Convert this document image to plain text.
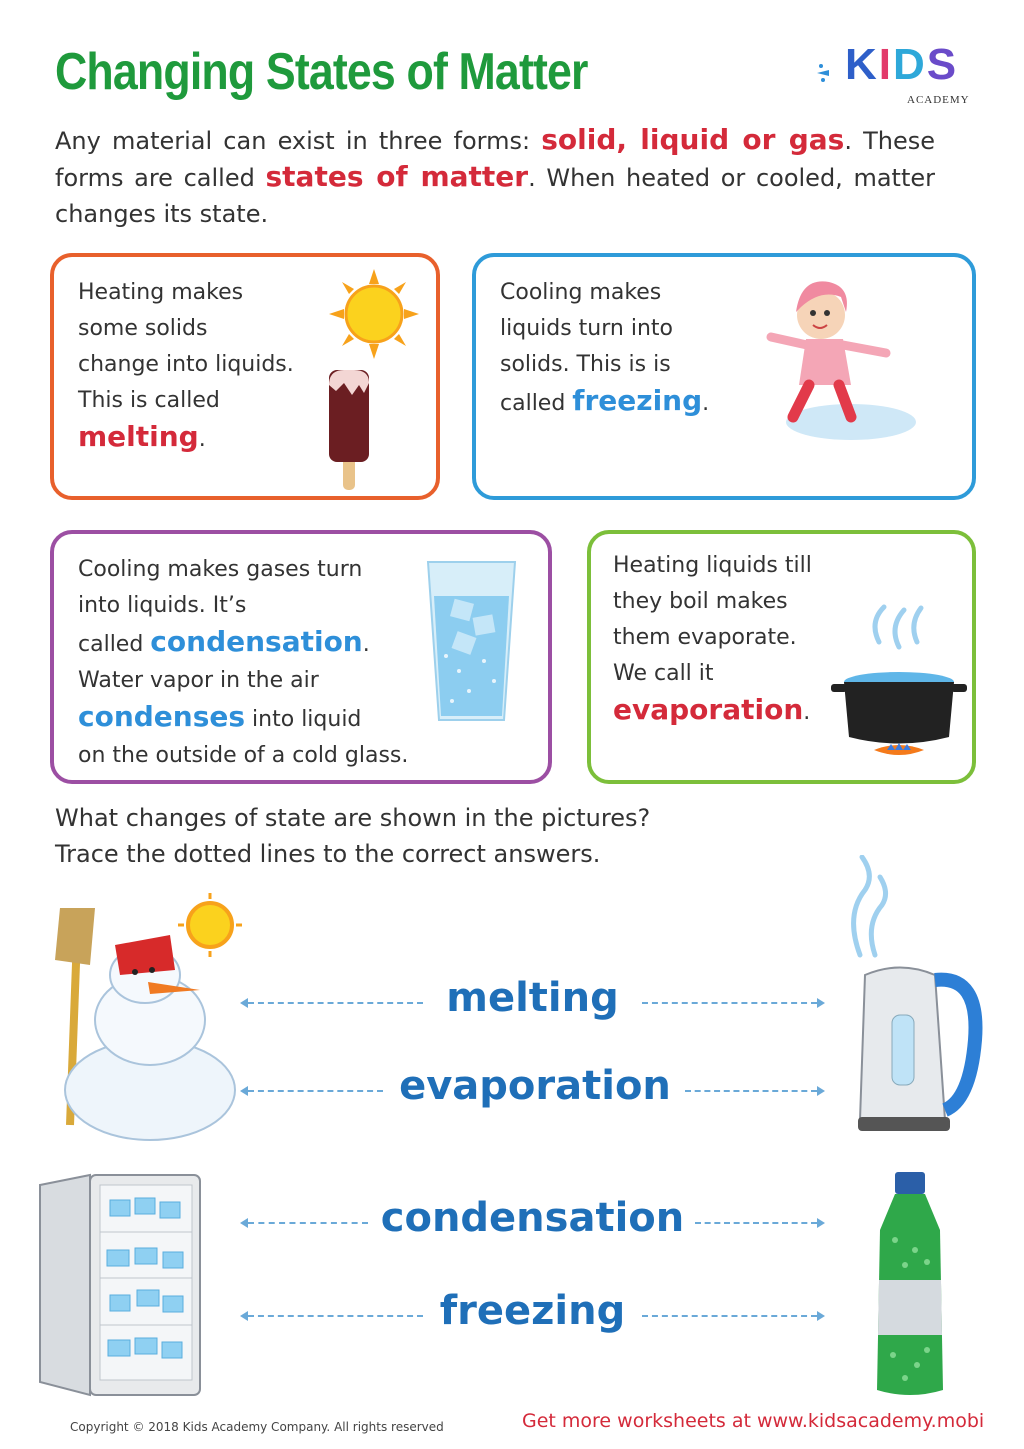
Changing States of Matter	KIDS
ACADEMY
Any material can exist in three forms: solid, liquid or gas. These forms are called states of matter. When heated or cooled, matter changes its state.
Heating makes
some solids
change into liquids.
This is called
melting.
Cooling makes
liquids turn into
solids. This is is
called freezing.
Cooling makes gases turn
into liquids. It’s
called condensation.
Water vapor in the air
condenses into liquid
on the outside of a cold glass.
Heating liquids till
they boil makes
them evaporate.
We call it
evaporation.
What changes of state are shown in the pictures?
Trace the dotted lines to the correct answers.
melting
evaporation
condensation
freezing
Copyright © 2018 Kids Academy Company. All rights reserved	Get more worksheets at www.kidsacademy.mobi
